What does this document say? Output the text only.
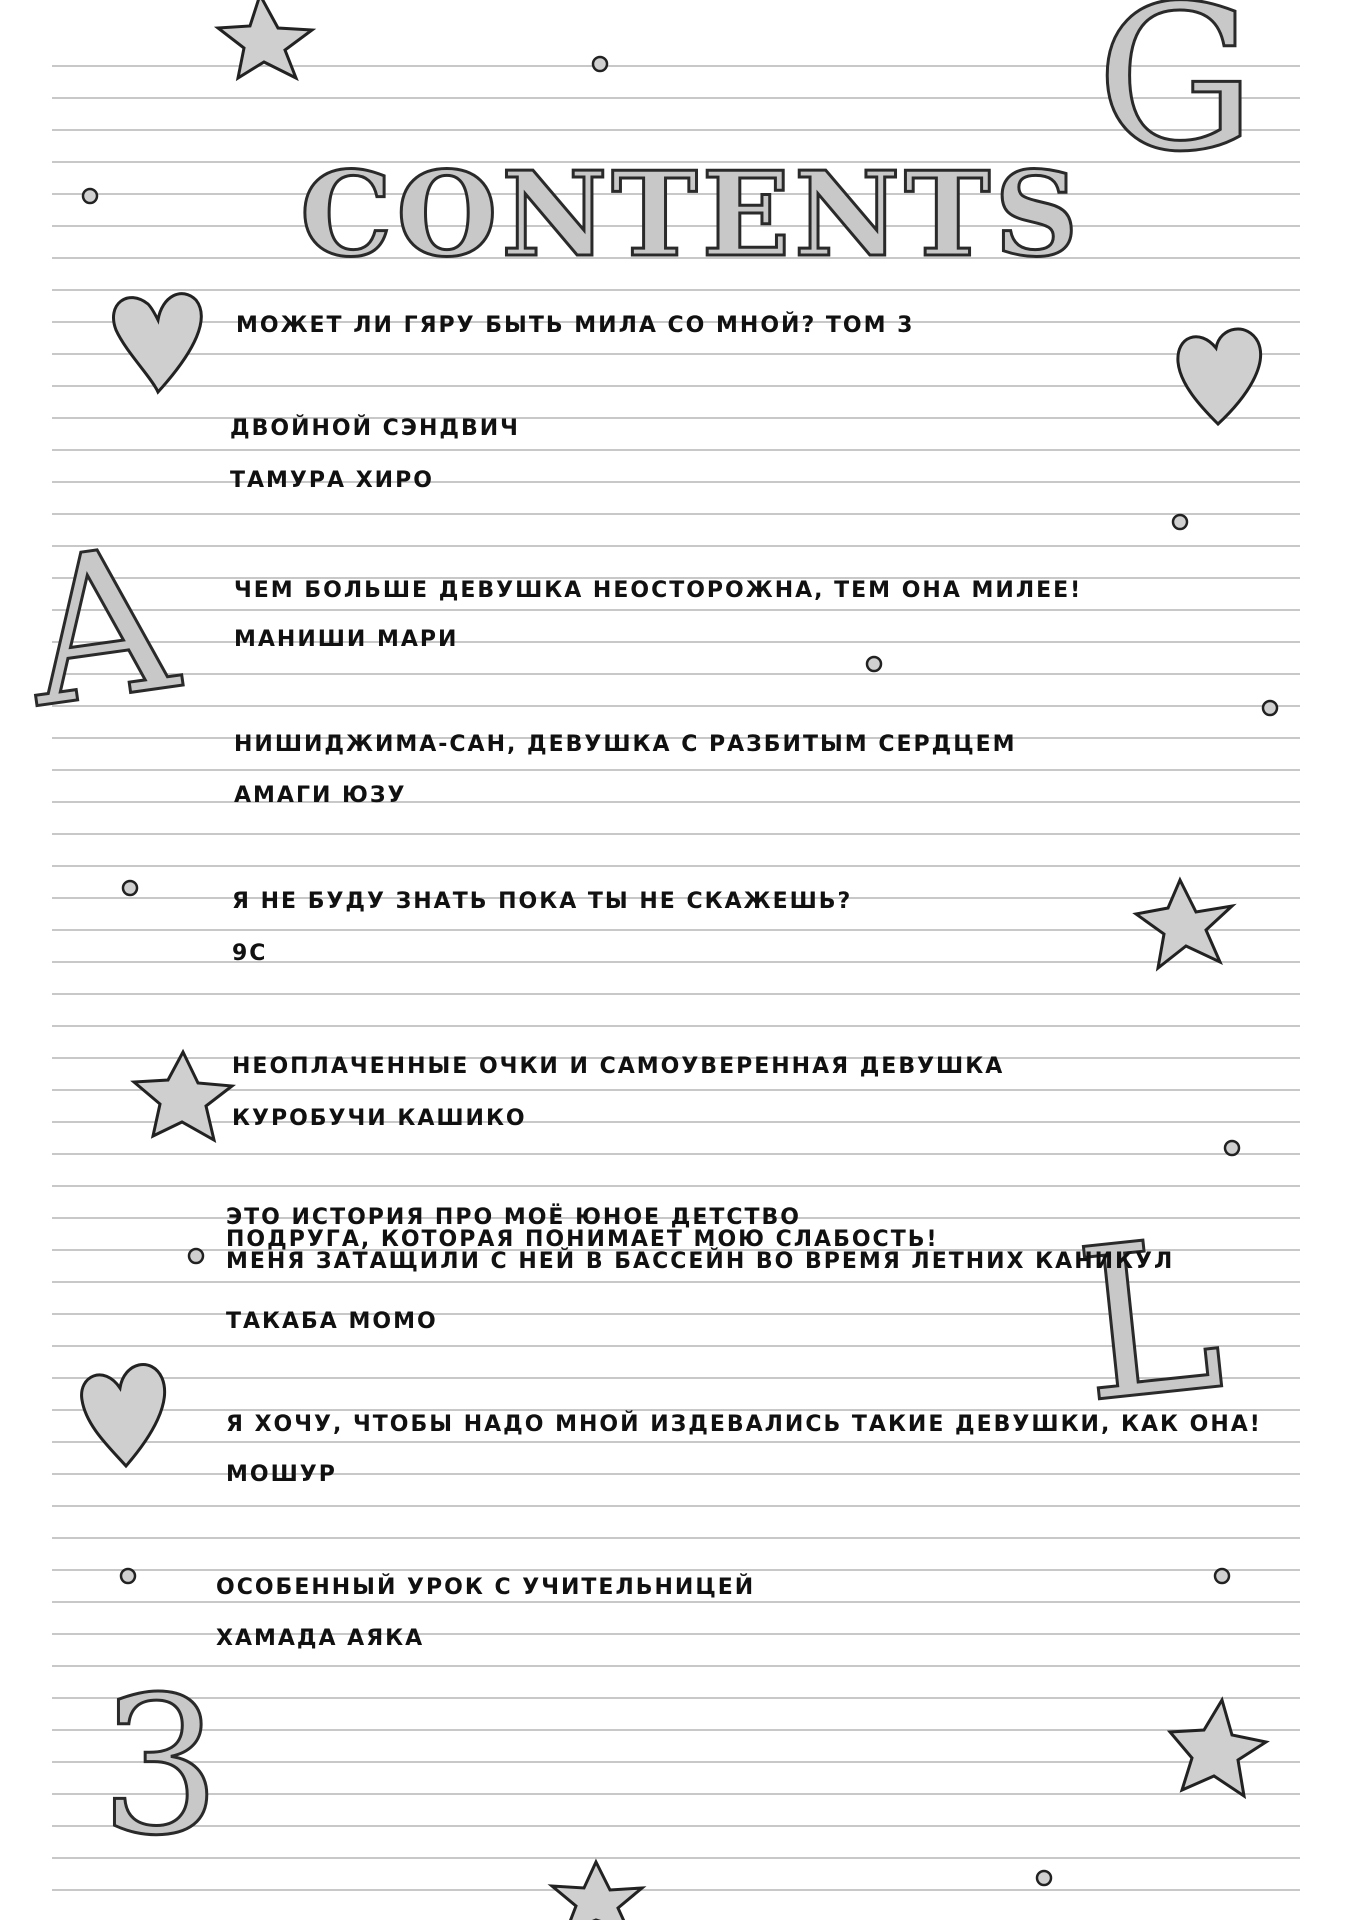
CONTENTS
G
A
L
3

МОЖЕТ ЛИ ГЯРУ БЫТЬ МИЛА СО МНОЙ? ТОМ 3

ДВОЙНОЙ СЭНДВИЧ

ТАМУРА ХИРО

ЧЕМ БОЛЬШЕ ДЕВУШКА НЕОСТОРОЖНА, ТЕМ ОНА МИЛЕЕ!

МАНИШИ МАРИ

НИШИДЖИМА-САН, ДЕВУШКА С РАЗБИТЫМ СЕРДЦЕМ

АМАГИ ЮЗУ

Я НЕ БУДУ ЗНАТЬ ПОКА ТЫ НЕ СКАЖЕШЬ?

9С

НЕОПЛАЧЕННЫЕ ОЧКИ И САМОУВЕРЕННАЯ ДЕВУШКА

КУРОБУЧИ КАШИКО

ЭТО ИСТОРИЯ ПРО МОЁ ЮНОЕ ДЕТСТВО
ПОДРУГА, КОТОРАЯ ПОНИМАЕТ МОЮ СЛАБОСТЬ!
МЕНЯ ЗАТАЩИЛИ С НЕЙ В БАССЕЙН ВО ВРЕМЯ ЛЕТНИХ КАНИКУЛ

ТАКАБА МОМО

Я ХОЧУ, ЧТОБЫ НАДО МНОЙ ИЗДЕВАЛИСЬ ТАКИЕ ДЕВУШКИ, КАК ОНА!

МОШУР

ОСОБЕННЫЙ УРОК С УЧИТЕЛЬНИЦЕЙ

ХАМАДА АЯКА
